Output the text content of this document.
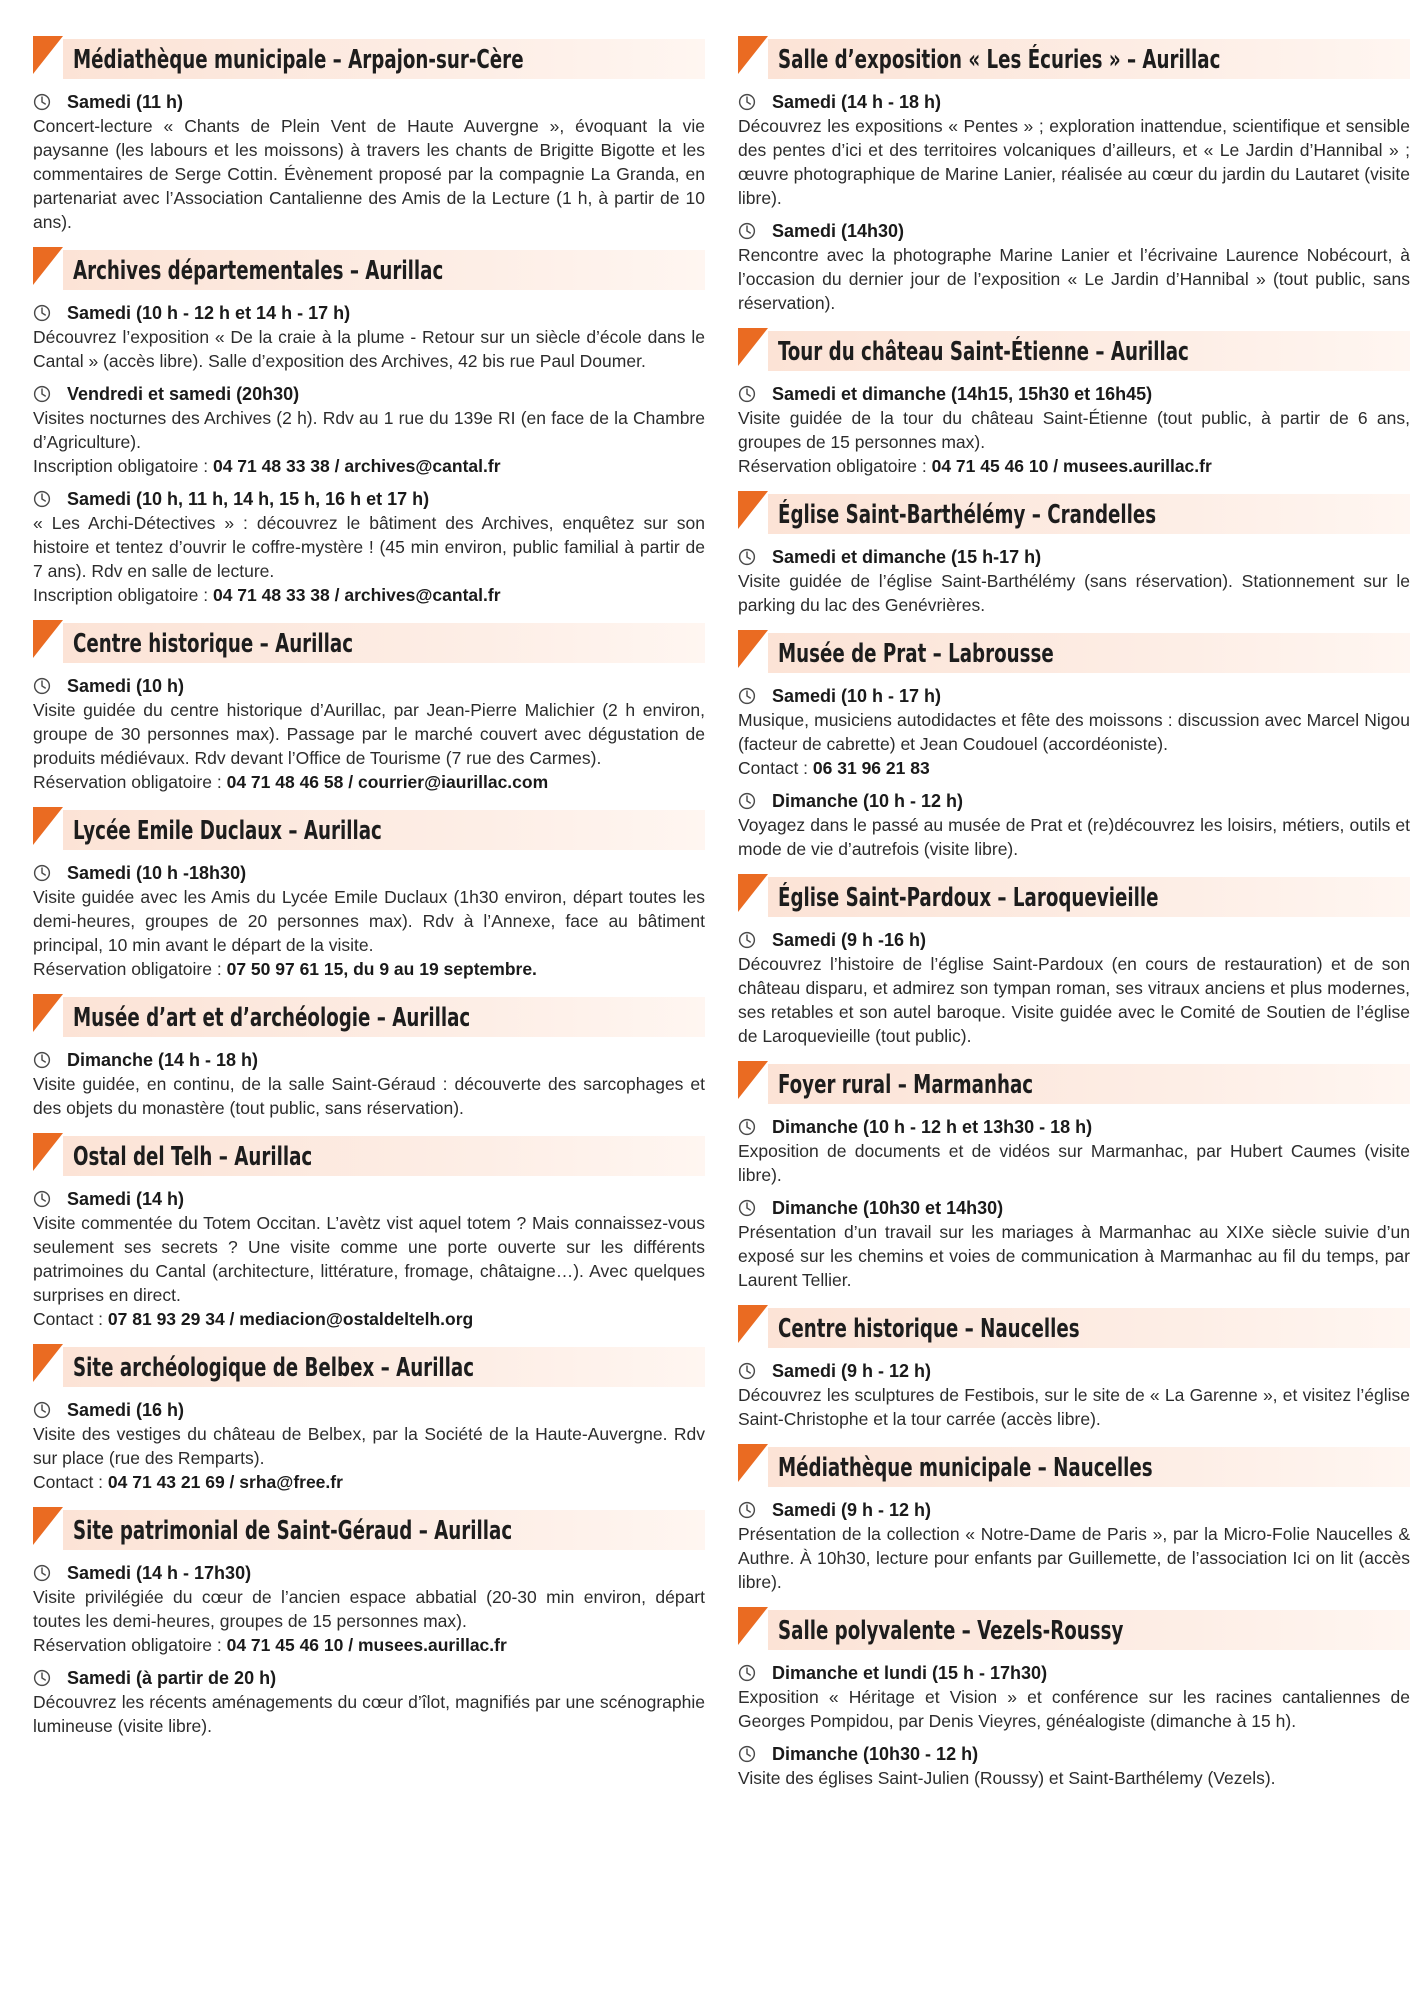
Médiathèque municipale – Arpajon-sur-Cère
Samedi (11 h)

Concert-lecture « Chants de Plein Vent de Haute Auvergne », évoquant la vie paysanne (les labours et les moissons) à travers les chants de Brigitte Bigotte et les commentaires de Serge Cottin. Évènement proposé par la compagnie La Granda, en partenariat avec l’Association Cantalienne des Amis de la Lecture (1 h, à partir de 10 ans).

Archives départementales – Aurillac
Samedi (10 h - 12 h et 14 h - 17 h)

Découvrez l’exposition « De la craie à la plume - Retour sur un siècle d’école dans le Cantal » (accès libre). Salle d’exposition des Archives, 42 bis rue Paul Doumer.

Vendredi et samedi (20h30)

Visites nocturnes des Archives (2 h). Rdv au 1 rue du 139e RI (en face de la Chambre d’Agriculture).

Inscription obligatoire : 04 71 48 33 38 / archives@cantal.fr

Samedi (10 h, 11 h, 14 h, 15 h, 16 h et 17 h)

« Les Archi-Détectives » : découvrez le bâtiment des Archives, enquêtez sur son histoire et tentez d’ouvrir le coffre-mystère ! (45 min environ, public familial à partir de 7 ans). Rdv en salle de lecture.

Inscription obligatoire : 04 71 48 33 38 / archives@cantal.fr

Centre historique – Aurillac
Samedi (10 h)

Visite guidée du centre historique d’Aurillac, par Jean-Pierre Malichier (2 h environ, groupe de 30 personnes max). Passage par le marché couvert avec dégustation de produits médiévaux. Rdv devant l’Office de Tourisme (7 rue des Carmes).

Réservation obligatoire : 04 71 48 46 58 / courrier@iaurillac.com

Lycée Emile Duclaux – Aurillac
Samedi (10 h -18h30)

Visite guidée avec les Amis du Lycée Emile Duclaux (1h30 environ, départ toutes les demi-heures, groupes de 20 personnes max). Rdv à l’Annexe, face au bâtiment principal, 10 min avant le départ de la visite.

Réservation obligatoire : 07 50 97 61 15, du 9 au 19 septembre.

Musée d’art et d’archéologie – Aurillac
Dimanche (14 h - 18 h)

Visite guidée, en continu, de la salle Saint-Géraud : découverte des sarcophages et des objets du monastère (tout public, sans réservation).

Ostal del Telh – Aurillac
Samedi (14 h)

Visite commentée du Totem Occitan. L’avètz vist aquel totem ? Mais connaissez-vous seulement ses secrets ? Une visite comme une porte ouverte sur les différents patrimoines du Cantal (architecture, littérature, fromage, châtaigne…). Avec quelques surprises en direct.

Contact : 07 81 93 29 34 / mediacion@ostaldeltelh.org

Site archéologique de Belbex – Aurillac
Samedi (16 h)

Visite des vestiges du château de Belbex, par la Société de la Haute-Auvergne. Rdv sur place (rue des Remparts).

Contact : 04 71 43 21 69 / srha@free.fr

Site patrimonial de Saint-Géraud – Aurillac
Samedi (14 h - 17h30)

Visite privilégiée du cœur de l’ancien espace abbatial (20-30 min environ, départ toutes les demi-heures, groupes de 15 personnes max).

Réservation obligatoire : 04 71 45 46 10 / musees.aurillac.fr

Samedi (à partir de 20 h)

Découvrez les récents aménagements du cœur d’îlot, magnifiés par une scénographie lumineuse (visite libre).

Salle d’exposition « Les Écuries » – Aurillac
Samedi (14 h - 18 h)

Découvrez les expositions « Pentes » ; exploration inattendue, scientifique et sensible des pentes d’ici et des territoires volcaniques d’ailleurs, et « Le Jardin d’Hannibal » ; œuvre photographique de Marine Lanier, réalisée au cœur du jardin du Lautaret (visite libre).

Samedi (14h30)

Rencontre avec la photographe Marine Lanier et l’écrivaine Laurence Nobécourt, à l’occasion du dernier jour de l’exposition « Le Jardin d’Hannibal » (tout public, sans réservation).

Tour du château Saint-Étienne – Aurillac
Samedi et dimanche (14h15, 15h30 et 16h45)

Visite guidée de la tour du château Saint-Étienne (tout public, à partir de 6 ans, groupes de 15 personnes max).

Réservation obligatoire : 04 71 45 46 10 / musees.aurillac.fr

Église Saint-Barthélémy – Crandelles
Samedi et dimanche (15 h-17 h)

Visite guidée de l’église Saint-Barthélémy (sans réservation). Stationnement sur le parking du lac des Genévrières.

Musée de Prat – Labrousse
Samedi (10 h - 17 h)

Musique, musiciens autodidactes et fête des moissons : discussion avec Marcel Nigou (facteur de cabrette) et Jean Coudouel (accordéoniste).

Contact : 06 31 96 21 83

Dimanche (10 h - 12 h)

Voyagez dans le passé au musée de Prat et (re)découvrez les loisirs, métiers, outils et mode de vie d’autrefois (visite libre).

Église Saint-Pardoux – Laroquevieille
Samedi (9 h -16 h)

Découvrez l’histoire de l’église Saint-Pardoux (en cours de restauration) et de son château disparu, et admirez son tympan roman, ses vitraux anciens et plus modernes, ses retables et son autel baroque. Visite guidée avec le Comité de Soutien de l’église de Laroquevieille (tout public).

Foyer rural – Marmanhac
Dimanche (10 h - 12 h et 13h30 - 18 h)

Exposition de documents et de vidéos sur Marmanhac, par Hubert Caumes (visite libre).

Dimanche (10h30 et 14h30)

Présentation d’un travail sur les mariages à Marmanhac au XIXe siècle suivie d’un exposé sur les chemins et voies de communication à Marmanhac au fil du temps, par Laurent Tellier.

Centre historique – Naucelles
Samedi (9 h - 12 h)

Découvrez les sculptures de Festibois, sur le site de « La Garenne », et visitez l’église Saint-Christophe et la tour carrée (accès libre).

Médiathèque municipale – Naucelles
Samedi (9 h - 12 h)

Présentation de la collection « Notre-Dame de Paris », par la Micro-Folie Naucelles & Authre. À 10h30, lecture pour enfants par Guillemette, de l’association Ici on lit (accès libre).

Salle polyvalente – Vezels-Roussy
Dimanche et lundi (15 h - 17h30)

Exposition « Héritage et Vision » et conférence sur les racines cantaliennes de Georges Pompidou, par Denis Vieyres, généalogiste (dimanche à 15 h).

Dimanche (10h30 - 12 h)

Visite des églises Saint-Julien (Roussy) et Saint-Barthélemy (Vezels).
